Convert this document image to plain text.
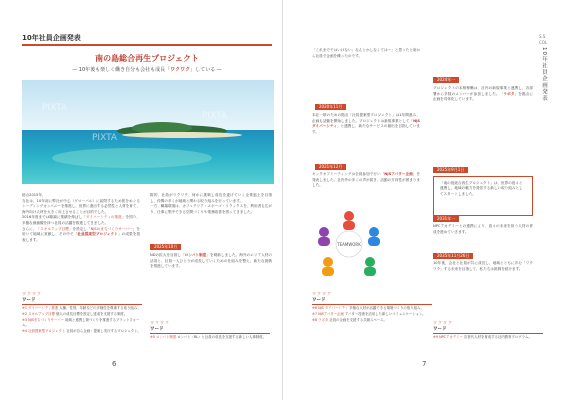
10年社員企画発表
南の島総合再生プロジェクト
— 10年後も楽しく働き自分も会社も成長「ワクワク」している —
PIXTA
PIXTA
PIXTA
総合2015年、
当社は、10年前に弊社が中心（グローバル）に訪問するため旅をめぐるシーディングカンパニーを推進し、世界に進出する必然性と人材を育て、海外向け人材を大きく向上させることが目的でした。
2016年度までは順調に業績を伸ばし「ダイバーシティの推進」を図り、多様な価値観を持つ社員の活躍を推進してきました。
さらに、「スキルアップ目標」を設定し「NJSのまちづくりサーバー」を用いて地域に貢献し、その中で「社員提案型プロジェクト」の成果を発表します。
ワクワク
ワード
※1 ダイバーシティ推進 人種、性別、年齢などの多様性を尊重する取り組み。
※2 スキルアップ目標 個人の成長目標を設定し達成を支援する制度。
※3 NJSまちづくりサーバー 地域と連携し街づくりを推進するプラットフォーム。
※4 社員提案型プロジェクト 社員が自ら企画・提案し実行するプロジェクト。
際的、社員がワクワク、何かに挑戦し成長を遂げていく企業風土を目指し、仲間の多くが地域と関わる取り組みを行っています。
一方、職場環境は、カフェテリア・エボーゴ・リラックスを、利用者も広がり、仕事に集中できる空間づくりや業務改善を図ってきました。
2025年10月
NDの拡大を目指し「ロンバト制度」を刷新しました。海外のエリア人材の活用と、社員一人ひとりが成長していくための仕組みを整え、新たな挑戦を推進しています。
ワクワク
ワード
※5 ロンバト制度 ロンバト（RL）と社員の成長を支援する新しい人事制度。
6
S.S
COL
10年社員企画発表
「これまでではいけない」なんとかしなくてはー」と思ったと前から社員で企画を練ったのです。
2020年11月
本社一帯のための拠点「社員提案型プロジェクト」は1年間進み、企画も活動を開始しました。プロジェクトは新規事業として「NJS ダイバーシティ」と連携し、新たなサービスの創出を目指しています。
2021年12月
キックオフミーティングは全員参加で行い「NJSアバター企画」を発表しました。社内外の多くの声が届き、活動の方向性が固まりました。
TEAMWORK
ワクワク
ワード
※6 NJS ダイバーシティ 多様な人材が活躍できる環境づくりの取り組み。
※7 NJSアバター企画 アバター技術を活用した新しいコミュニケーション。
※8 ラボタ 社員の企画を支援する共創スペース。
2024年一
プロジェクトの本格稼働は、社内の新規事業と連携し、各部署から多数のメンバーが参加しました。「ラボタ」を拠点に企画を具体化しています。
2025年9月1日
「南の島総合再生プロジェクト」は、世界の島々と連携し、地域の魅力を発信する新しい取り組みとしてスタートしました。
2031年一
NPCアカデミーとの連携により、島々の未来を担う人材の育成を進めていきます。
2035年11月26日
10年後、会社と社員が共に成長し、地域とともに歩む「ワクワク」する未来を目指して、私たちは挑戦を続けます。
ワクワク
ワード
※9 NPCアカデミー 次世代人材を育成する社内教育プログラム。
7
